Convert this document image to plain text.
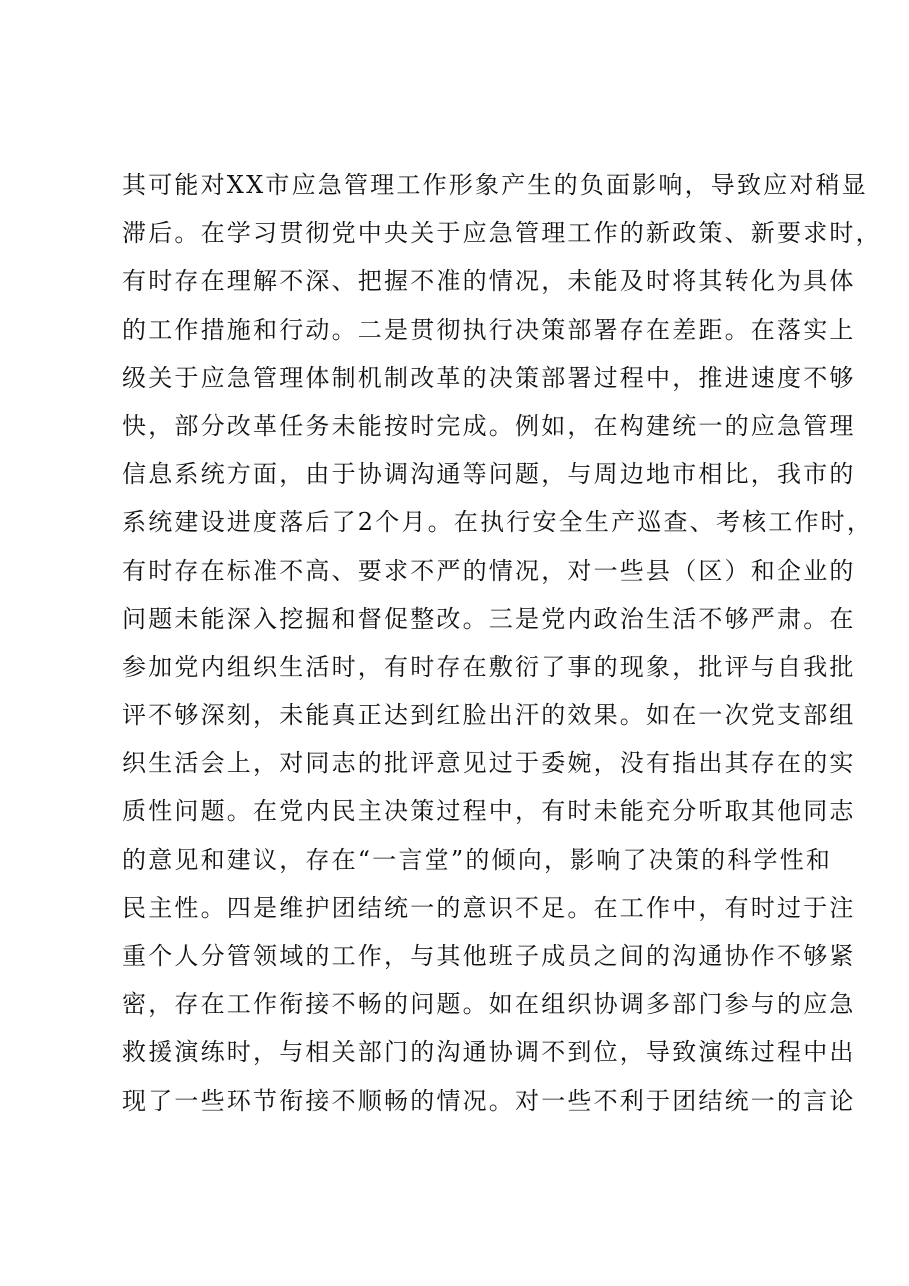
其可能对XX市应急管理工作形象产生的负面影响，导致应对稍显
滞后。在学习贯彻党中央关于应急管理工作的新政策、新要求时，
有时存在理解不深、把握不准的情况，未能及时将其转化为具体
的工作措施和行动。二是贯彻执行决策部署存在差距。在落实上
级关于应急管理体制机制改革的决策部署过程中，推进速度不够
快，部分改革任务未能按时完成。例如，在构建统一的应急管理
信息系统方面，由于协调沟通等问题，与周边地市相比，我市的
系统建设进度落后了2个月。在执行安全生产巡查、考核工作时，
有时存在标准不高、要求不严的情况，对一些县（区）和企业的
问题未能深入挖掘和督促整改。三是党内政治生活不够严肃。在
参加党内组织生活时，有时存在敷衍了事的现象，批评与自我批
评不够深刻，未能真正达到红脸出汗的效果。如在一次党支部组
织生活会上，对同志的批评意见过于委婉，没有指出其存在的实
质性问题。在党内民主决策过程中，有时未能充分听取其他同志
的意见和建议，存在“一言堂”的倾向，影响了决策的科学性和
民主性。四是维护团结统一的意识不足。在工作中，有时过于注
重个人分管领域的工作，与其他班子成员之间的沟通协作不够紧
密，存在工作衔接不畅的问题。如在组织协调多部门参与的应急
救援演练时，与相关部门的沟通协调不到位，导致演练过程中出
现了一些环节衔接不顺畅的情况。对一些不利于团结统一的言论
